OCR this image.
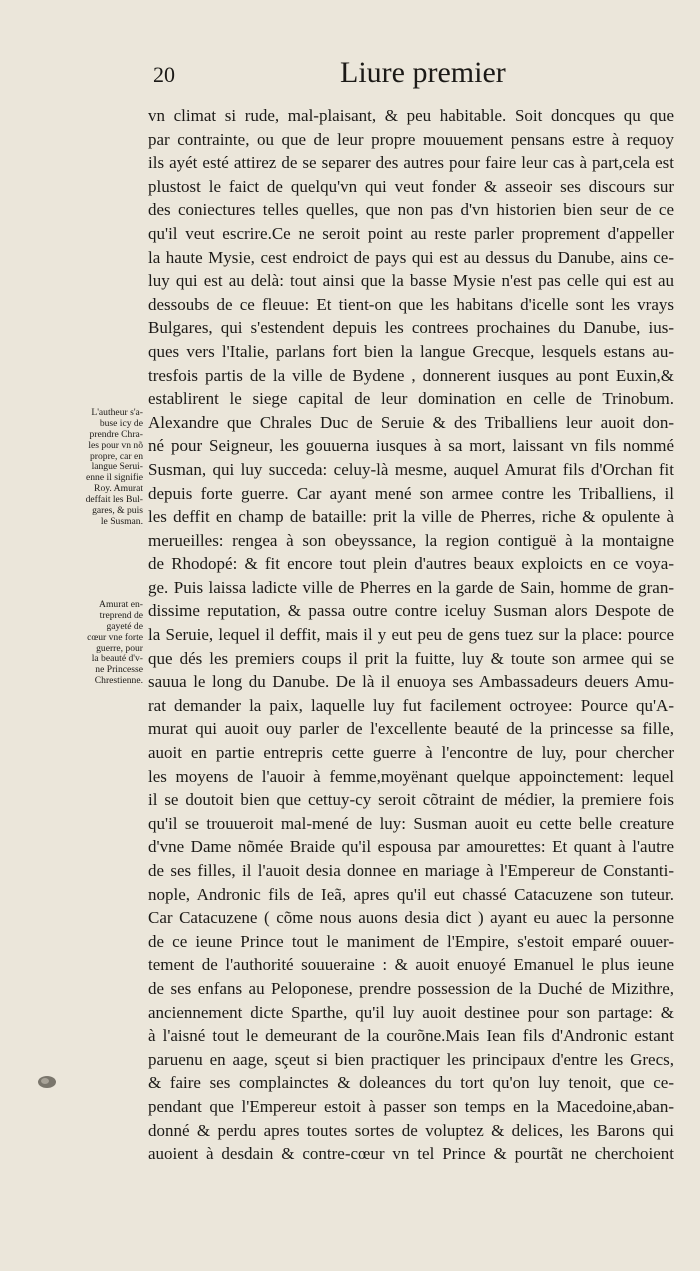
20	Liure premier
vn climat si rude, mal-plaisant, & peu habitable. Soit doncques qu que
par contrainte, ou que de leur propre mouuement pensans estre à requoy
ils ayét esté attirez de se separer des autres pour faire leur cas à part,cela est
plustost le faict de quelqu'vn qui veut fonder & asseoir ses discours sur
des coniectures telles quelles, que non pas d'vn historien bien seur de ce
qu'il veut escrire.Ce ne seroit point au reste parler proprement d'appeller
la haute Mysie, cest endroict de pays qui est au dessus du Danube, ains ce-
luy qui est au delà: tout ainsi que la basse Mysie n'est pas celle qui est au
dessoubs de ce fleuue: Et tient-on que les habitans d'icelle sont les vrays
Bulgares, qui s'estendent depuis les contrees prochaines du Danube, ius-
ques vers l'Italie, parlans fort bien la langue Grecque, lesquels estans au-
tresfois partis de la ville de Bydene , donnerent iusques au pont Euxin,&
establirent le siege capital de leur domination en celle de Trinobum.
Alexandre que Chrales Duc de Seruie & des Triballiens leur auoit don-
né pour Seigneur, les gouuerna iusques à sa mort, laissant vn fils nommé
Susman, qui luy succeda: celuy-là mesme, auquel Amurat fils d'Orchan fit
depuis forte guerre. Car ayant mené son armee contre les Triballiens, il
les deffit en champ de bataille: prit la ville de Pherres, riche & opulente à
merueilles: rengea à son obeyssance, la region contiguë à la montaigne
de Rhodopé: & fit encore tout plein d'autres beaux exploicts en ce voya-
ge. Puis laissa ladicte ville de Pherres en la garde de Sain, homme de gran-
dissime reputation, & passa outre contre iceluy Susman alors Despote de
la Seruie, lequel il deffit, mais il y eut peu de gens tuez sur la place: pource
que dés les premiers coups il prit la fuitte, luy & toute son armee qui se
sauua le long du Danube. De là il enuoya ses Ambassadeurs deuers Amu-
rat demander la paix, laquelle luy fut facilement octroyee: Pource qu'A-
murat qui auoit ouy parler de l'excellente beauté de la princesse sa fille,
auoit en partie entrepris cette guerre à l'encontre de luy, pour chercher
les moyens de l'auoir à femme,moyënant quelque appoinctement: lequel
il se doutoit bien que cettuy-cy seroit cõtraint de médier, la premiere fois
qu'il se trouueroit mal-mené de luy: Susman auoit eu cette belle creature
d'vne Dame nõmée Braide qu'il espousa par amourettes: Et quant à l'autre
de ses filles, il l'auoit desia donnee en mariage à l'Empereur de Constanti-
nople, Andronic fils de Ieã, apres qu'il eut chassé Catacuzene son tuteur.
Car Catacuzene ( cõme nous auons desia dict ) ayant eu auec la personne
de ce ieune Prince tout le maniment de l'Empire, s'estoit emparé ouuer-
tement de l'authorité souueraine : & auoit enuoyé Emanuel le plus ieune
de ses enfans au Peloponese, prendre possession de la Duché de Mizithre,
anciennement dicte Sparthe, qu'il luy auoit destinee pour son partage: &
à l'aisné tout le demeurant de la courõne.Mais Iean fils d'Andronic estant
paruenu en aage, sçeut si bien practiquer les principaux d'entre les Grecs,
& faire ses complainctes & doleances du tort qu'on luy tenoit, que ce-
pendant que l'Empereur estoit à passer son temps en la Macedoine,aban-
donné & perdu apres toutes sortes de voluptez & delices, les Barons qui
auoient à desdain & contre-cœur vn tel Prince & pourtãt ne cherchoient
L'autheur s'a-
buse icy de
prendre Chra-
les pour vn nõ
propre, car en
langue Serui-
enne il signifie
Roy. Amurat
deffait les Bul-
gares, & puis
le Susman.
Amurat en-
treprend de
gayeté de
cœur vne forte
guerre, pour
la beauté d'v-
ne Princesse
Chrestienne.
